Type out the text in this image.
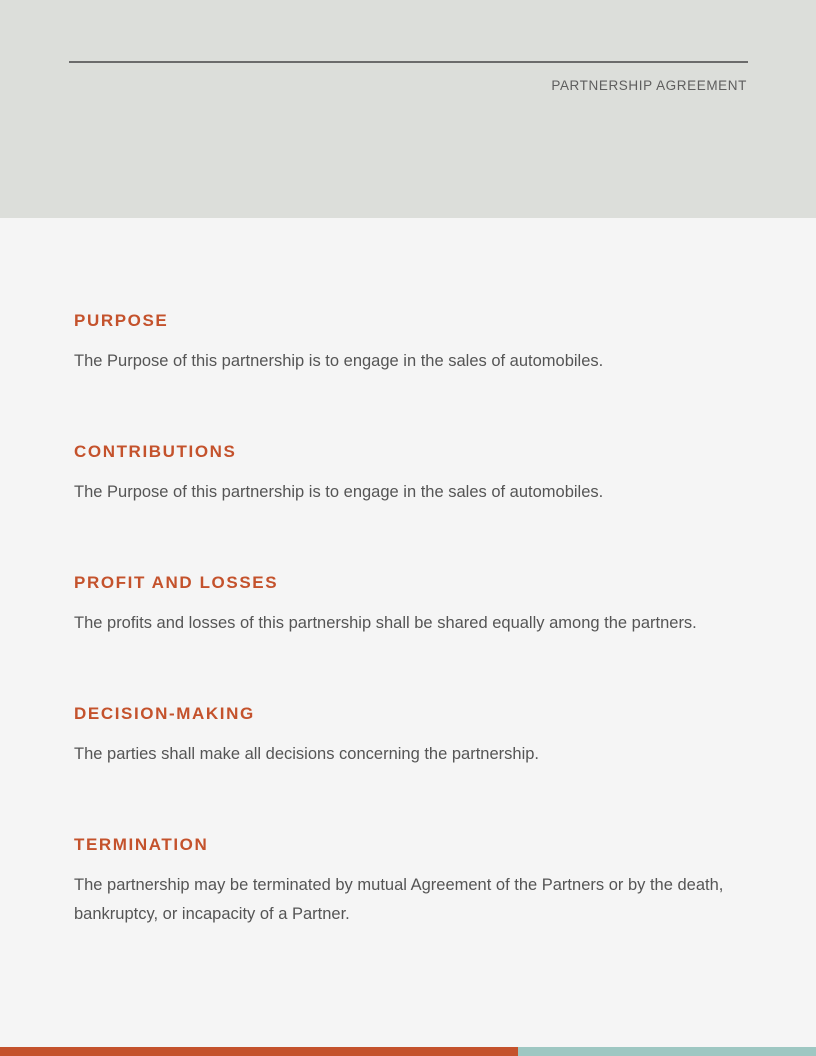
PARTNERSHIP AGREEMENT
PURPOSE
The Purpose of this partnership is to engage in the sales of automobiles.
CONTRIBUTIONS
The Purpose of this partnership is to engage in the sales of automobiles.
PROFIT AND LOSSES
The profits and losses of this partnership shall be shared equally among the partners.
DECISION-MAKING
The parties shall make all decisions concerning the partnership.
TERMINATION
The partnership may be terminated by mutual Agreement of the Partners or by the death, bankruptcy, or incapacity of a Partner.
